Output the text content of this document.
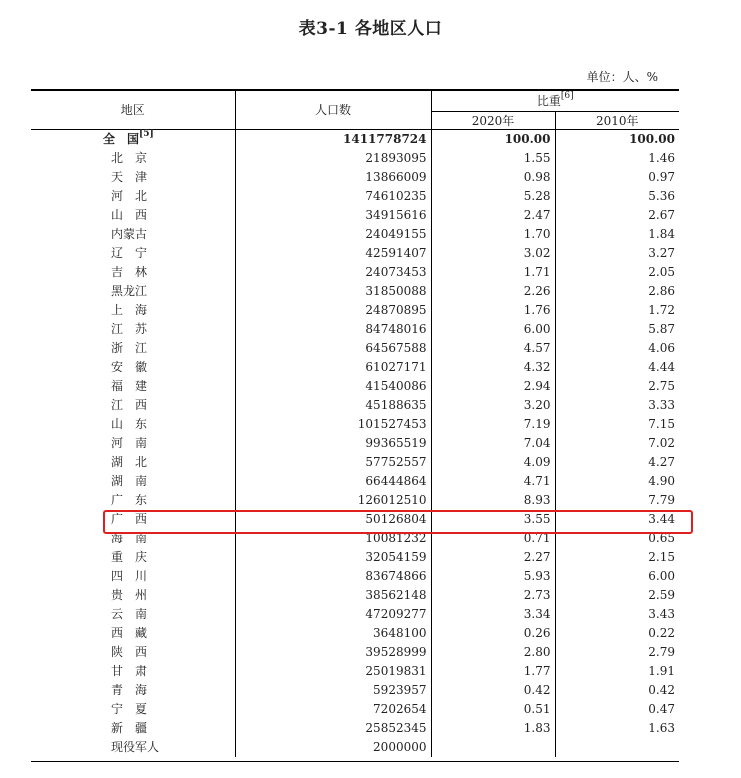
表3-1 各地区人口
单位：人、%
地区	人口数	比重[6]
		2020年	2010年
全　国[5]	1411778724	100.00	100.00
北　京	21893095	1.55	1.46
天　津	13866009	0.98	0.97
河　北	74610235	5.28	5.36
山　西	34915616	2.47	2.67
内蒙古	24049155	1.70	1.84
辽　宁	42591407	3.02	3.27
吉　林	24073453	1.71	2.05
黑龙江	31850088	2.26	2.86
上　海	24870895	1.76	1.72
江　苏	84748016	6.00	5.87
浙　江	64567588	4.57	4.06
安　徽	61027171	4.32	4.44
福　建	41540086	2.94	2.75
江　西	45188635	3.20	3.33
山　东	101527453	7.19	7.15
河　南	99365519	7.04	7.02
湖　北	57752557	4.09	4.27
湖　南	66444864	4.71	4.90
广　东	126012510	8.93	7.79
广　西	50126804	3.55	3.44
海　南	10081232	0.71	0.65
重　庆	32054159	2.27	2.15
四　川	83674866	5.93	6.00
贵　州	38562148	2.73	2.59
云　南	47209277	3.34	3.43
西　藏	3648100	0.26	0.22
陕　西	39528999	2.80	2.79
甘　肃	25019831	1.77	1.91
青　海	5923957	0.42	0.42
宁　夏	7202654	0.51	0.47
新　疆	25852345	1.83	1.63
现役军人	2000000		
